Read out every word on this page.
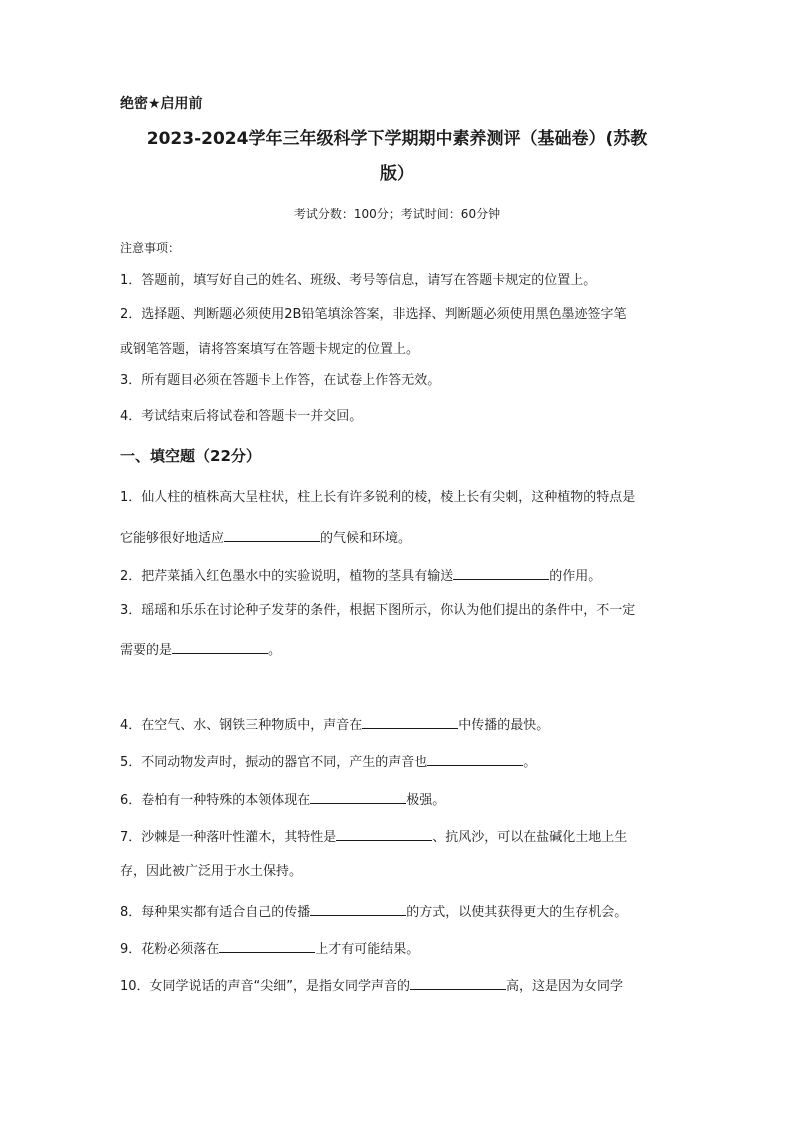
绝密★启用前
2023-2024学年三年级科学下学期期中素养测评（基础卷）(苏教
版）
考试分数：100分；考试时间：60分钟
注意事项：
1．答题前，填写好自己的姓名、班级、考号等信息，请写在答题卡规定的位置上。
2．选择题、判断题必须使用2B铅笔填涂答案，非选择、判断题必须使用黑色墨迹签字笔
或钢笔答题，请将答案填写在答题卡规定的位置上。
3．所有题目必须在答题卡上作答，在试卷上作答无效。
4．考试结束后将试卷和答题卡一并交回。
一、填空题（22分）
1．仙人柱的植株高大呈柱状，柱上长有许多锐利的棱，棱上长有尖刺，这种植物的特点是
它能够很好地适应	的气候和环境。
2．把芹菜插入红色墨水中的实验说明，植物的茎具有输送	的作用。
3．瑶瑶和乐乐在讨论种子发芽的条件，根据下图所示，你认为他们提出的条件中，不一定
需要的是	。
4．在空气、水、钢铁三种物质中，声音在	中传播的最快。
5．不同动物发声时，振动的器官不同，产生的声音也	。
6．卷柏有一种特殊的本领体现在	极强。
7．沙棘是一种落叶性灌木，其特性是	、抗风沙，可以在盐碱化土地上生
存，因此被广泛用于水土保持。
8．每种果实都有适合自己的传播	的方式，以使其获得更大的生存机会。
9．花粉必须落在	上才有可能结果。
10．女同学说话的声音“尖细”，是指女同学声音的	高，这是因为女同学
